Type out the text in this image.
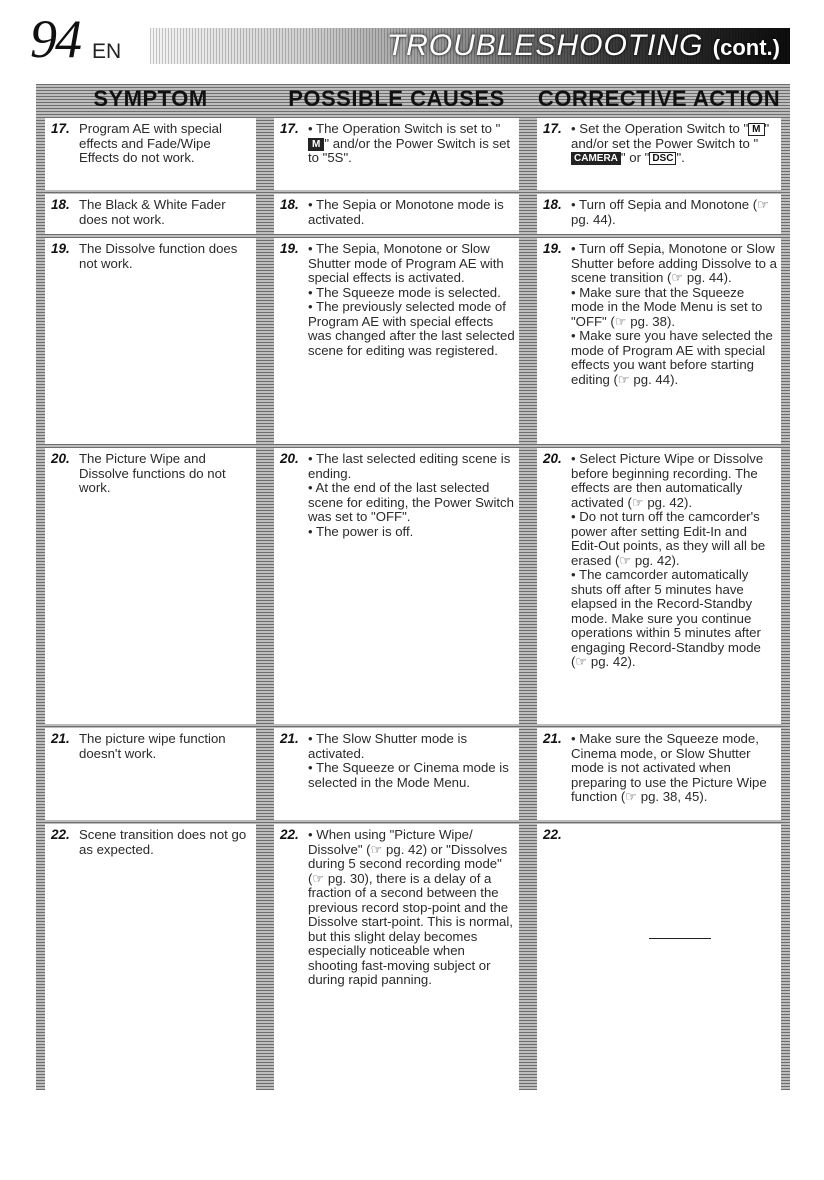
94 EN	TROUBLESHOOTING (cont.)
SYMPTOM
17. Program AE with special effects and Fade/Wipe Effects do not work.
18. The Black & White Fader does not work.
19. The Dissolve function does not work.
20. The Picture Wipe and Dissolve functions do not work.
21. The picture wipe function doesn't work.
22. Scene transition does not go as expected.
POSSIBLE CAUSES
17. • The Operation Switch is set to "M " and/or the Power Switch is set to "5S".
18. • The Sepia or Monotone mode is activated.
19. • The Sepia, Monotone or Slow Shutter mode of Program AE with special effects is activated.
• The Squeeze mode is selected.
• The previously selected mode of Program AE with special effects was changed after the last selected scene for editing was registered.
20. • The last selected editing scene is ending.
• At the end of the last selected scene for editing, the Power Switch was set to "OFF".
• The power is off.
21. • The Slow Shutter mode is activated.
• The Squeeze or Cinema mode is selected in the Mode Menu.
22. • When using "Picture Wipe/ Dissolve" (☞ pg. 42) or "Dissolves during 5 second recording mode" (☞ pg. 30), there is a delay of a fraction of a second between the previous record stop-point and the Dissolve start-point. This is normal, but this slight delay becomes especially noticeable when shooting fast-moving subject or during rapid panning.
CORRECTIVE ACTION
17. • Set the Operation Switch to " M " and/or set the Power Switch to "CAMERA " or " DSC ".
18. • Turn off Sepia and Monotone (☞ pg. 44).
19. • Turn off Sepia, Monotone or Slow Shutter before adding Dissolve to a scene transition (☞ pg. 44).
• Make sure that the Squeeze mode in the Mode Menu is set to "OFF" (☞ pg. 38).
• Make sure you have selected the mode of Program AE with special effects you want before starting editing (☞ pg. 44).
20. • Select Picture Wipe or Dissolve before beginning recording. The effects are then automatically activated (☞ pg. 42).
• Do not turn off the camcorder's power after setting Edit-In and Edit-Out points, as they will all be erased (☞ pg. 42).
• The camcorder automatically shuts off after 5 minutes have elapsed in the Record-Standby mode. Make sure you continue operations within 5 minutes after engaging Record-Standby mode (☞ pg. 42).
21. • Make sure the Squeeze mode, Cinema mode, or Slow Shutter mode is not activated when preparing to use the Picture Wipe function (☞ pg. 38, 45).
22.
